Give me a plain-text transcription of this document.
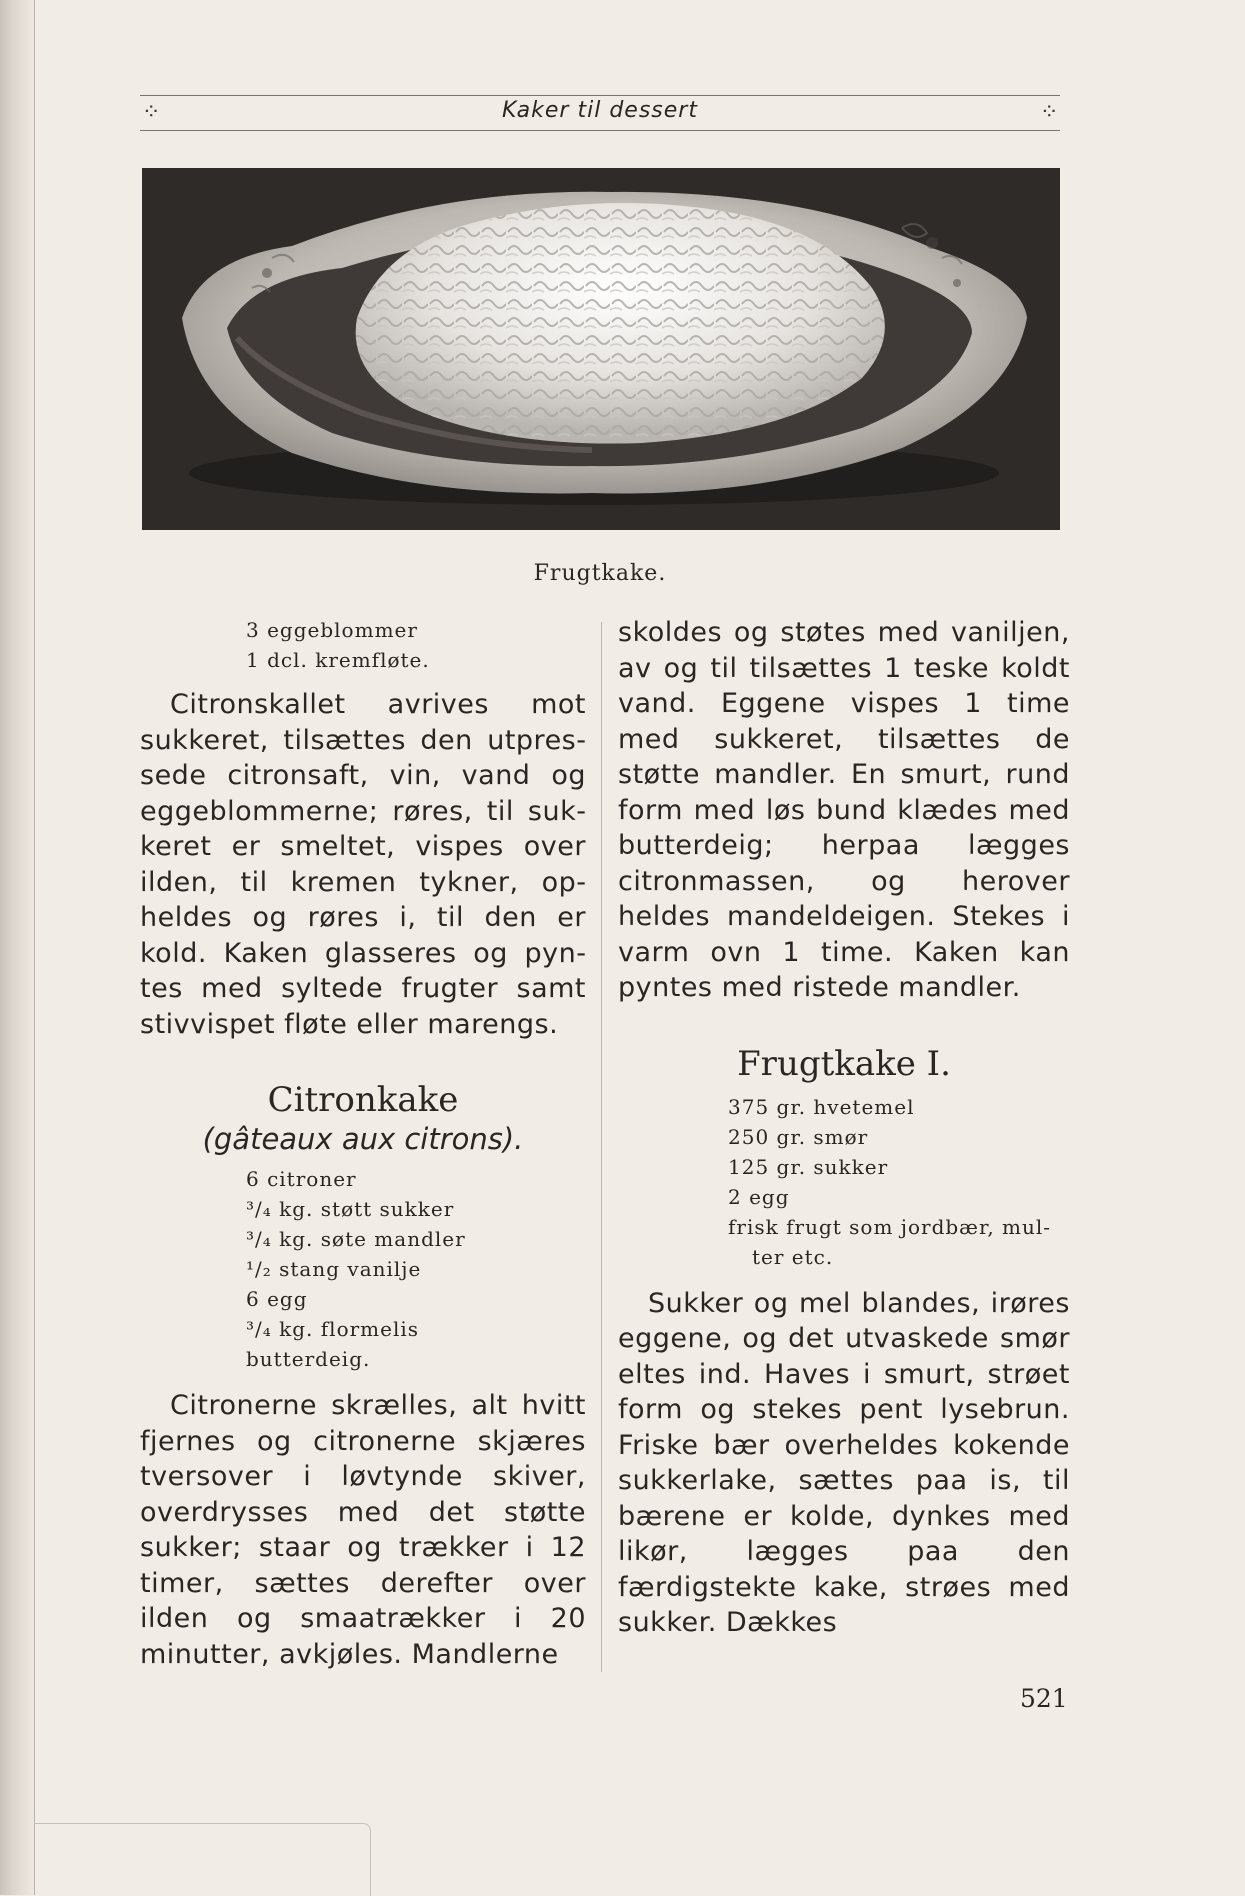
⁘	Kaker til dessert	⁘
Frugtkake.

3 eggeblommer

1 dcl. kremfløte.

Citronskallet avrives mot sukkeret, tilsættes den utpressede citronsaft, vin, vand og eggeblommerne; røres, til sukkeret er smeltet, vispes over ilden, til kremen tykner, opheldes og røres i, til den er kold. Kaken glasseres og pyntes med syltede frugter samt stivvispet fløte eller marengs.

Citronkake

(gâteaux aux citrons).

6 citroner

³/₄ kg. støtt sukker

³/₄ kg. søte mandler

¹/₂ stang vanilje

6 egg

³/₄ kg. flormelis

butterdeig.

Citronerne skrælles, alt hvitt fjernes og citronerne skjæres tversover i løvtynde skiver, overdrysses med det støtte sukker; staar og trækker i 12 timer, sættes derefter over ilden og smaatrækker i 20 minutter, avkjøles. Mandlerne

skoldes og støtes med vaniljen, av og til tilsættes 1 teske koldt vand. Eggene vispes 1 time med sukkeret, tilsættes de støtte mandler. En smurt, rund form med løs bund klædes med butterdeig; herpaa lægges citronmassen, og herover heldes mandeldeigen. Stekes i varm ovn 1 time. Kaken kan pyntes med ristede mandler.

Frugtkake I.

375 gr. hvetemel

250 gr. smør

125 gr. sukker

2 egg

frisk frugt som jordbær, mul-

ter etc.

Sukker og mel blandes, irøres eggene, og det utvaskede smør eltes ind. Haves i smurt, strøet form og stekes pent lysebrun. Friske bær overheldes kokende sukkerlake, sættes paa is, til bærene er kolde, dynkes med likør, lægges paa den færdigstekte kake, strøes med sukker. Dækkes

521
